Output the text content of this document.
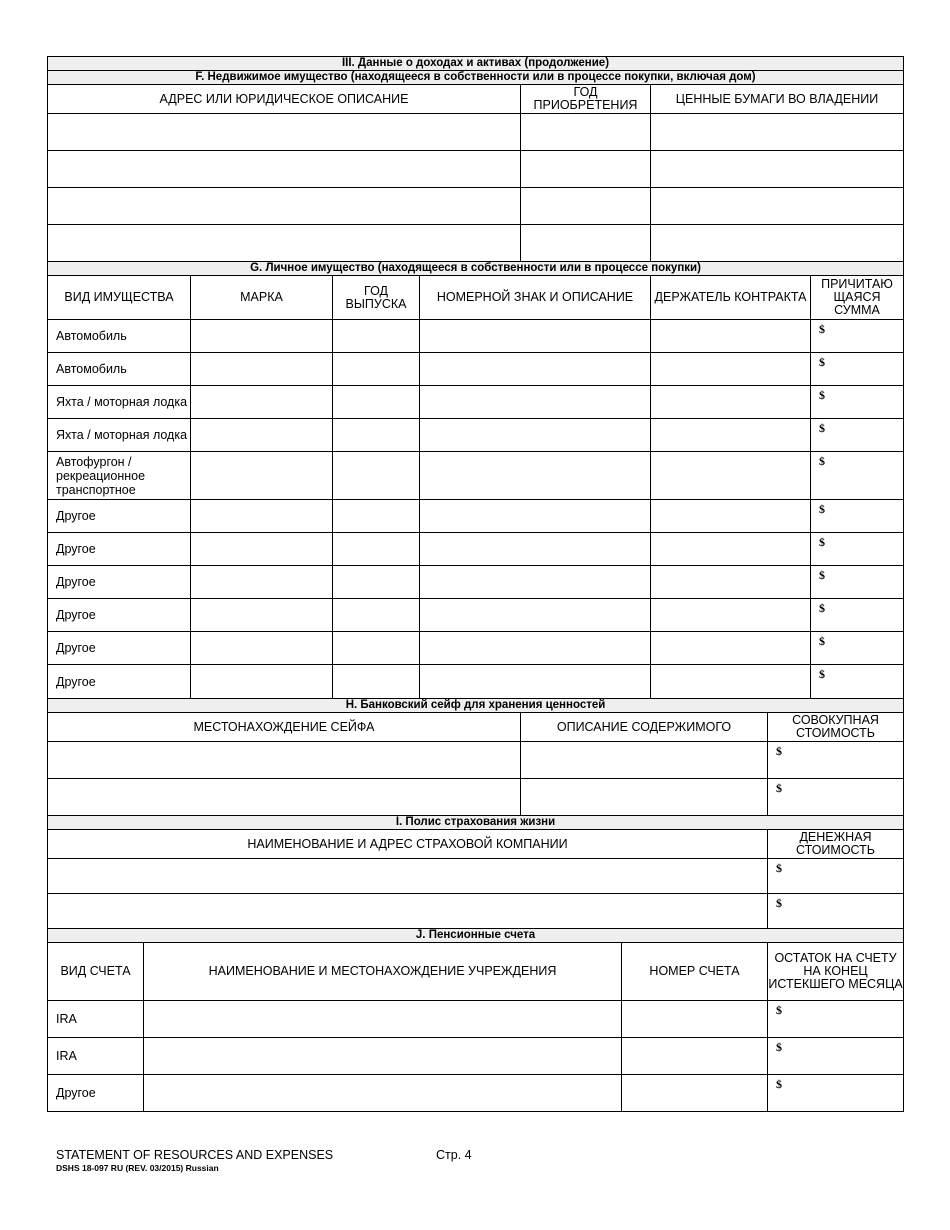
III. Данные о доходах и активах (продолжение)		
F. Недвижимое имущество (находящееся в собственности или в процессе покупки, включая дом)		
АДРЕС ИЛИ ЮРИДИЧЕСКОЕ ОПИСАНИЕ	ГОД ПРИОБРЕТЕНИЯ	ЦЕННЫЕ БУМАГИ ВО ВЛАДЕНИИ

G. Личное имущество (находящееся в собственности или в процессе покупки)					
ВИД ИМУЩЕСТВА	МАРКА	ГОД ВЫПУСКА	НОМЕРНОЙ ЗНАК И ОПИСАНИЕ	ДЕРЖАТЕЛЬ КОНТРАКТА	ПРИЧИТАЮ ЩАЯСЯ СУММА
Автомобиль					$
Автомобиль					$
Яхта / моторная лодка					$
Яхта / моторная лодка					$
Автофургон / рекреационное транспортное					$
Другое					$
Другое					$
Другое					$
Другое					$
Другое					$
Другое					$
H. Банковский сейф для хранения ценностей		
МЕСТОНАХОЖДЕНИЕ СЕЙФА	ОПИСАНИЕ СОДЕРЖИМОГО	СОВОКУПНАЯ СТОИМОСТЬ
		$
		$
I. Полис страхования жизни	
НАИМЕНОВАНИЕ И АДРЕС СТРАХОВОЙ КОМПАНИИ	ДЕНЕЖНАЯ СТОИМОСТЬ
	$
	$
J. Пенсионные счета			
ВИД СЧЕТА	НАИМЕНОВАНИЕ И МЕСТОНАХОЖДЕНИЕ УЧРЕЖДЕНИЯ	НОМЕР СЧЕТА	ОСТАТОК НА СЧЕТУ НА КОНЕЦ ИСТЕКШЕГО МЕСЯЦА
IRA			$
IRA			$
Другое			$
STATEMENT OF RESOURCES AND EXPENSES
DSHS 18-097 RU (REV. 03/2015) Russian
Стр. 4
